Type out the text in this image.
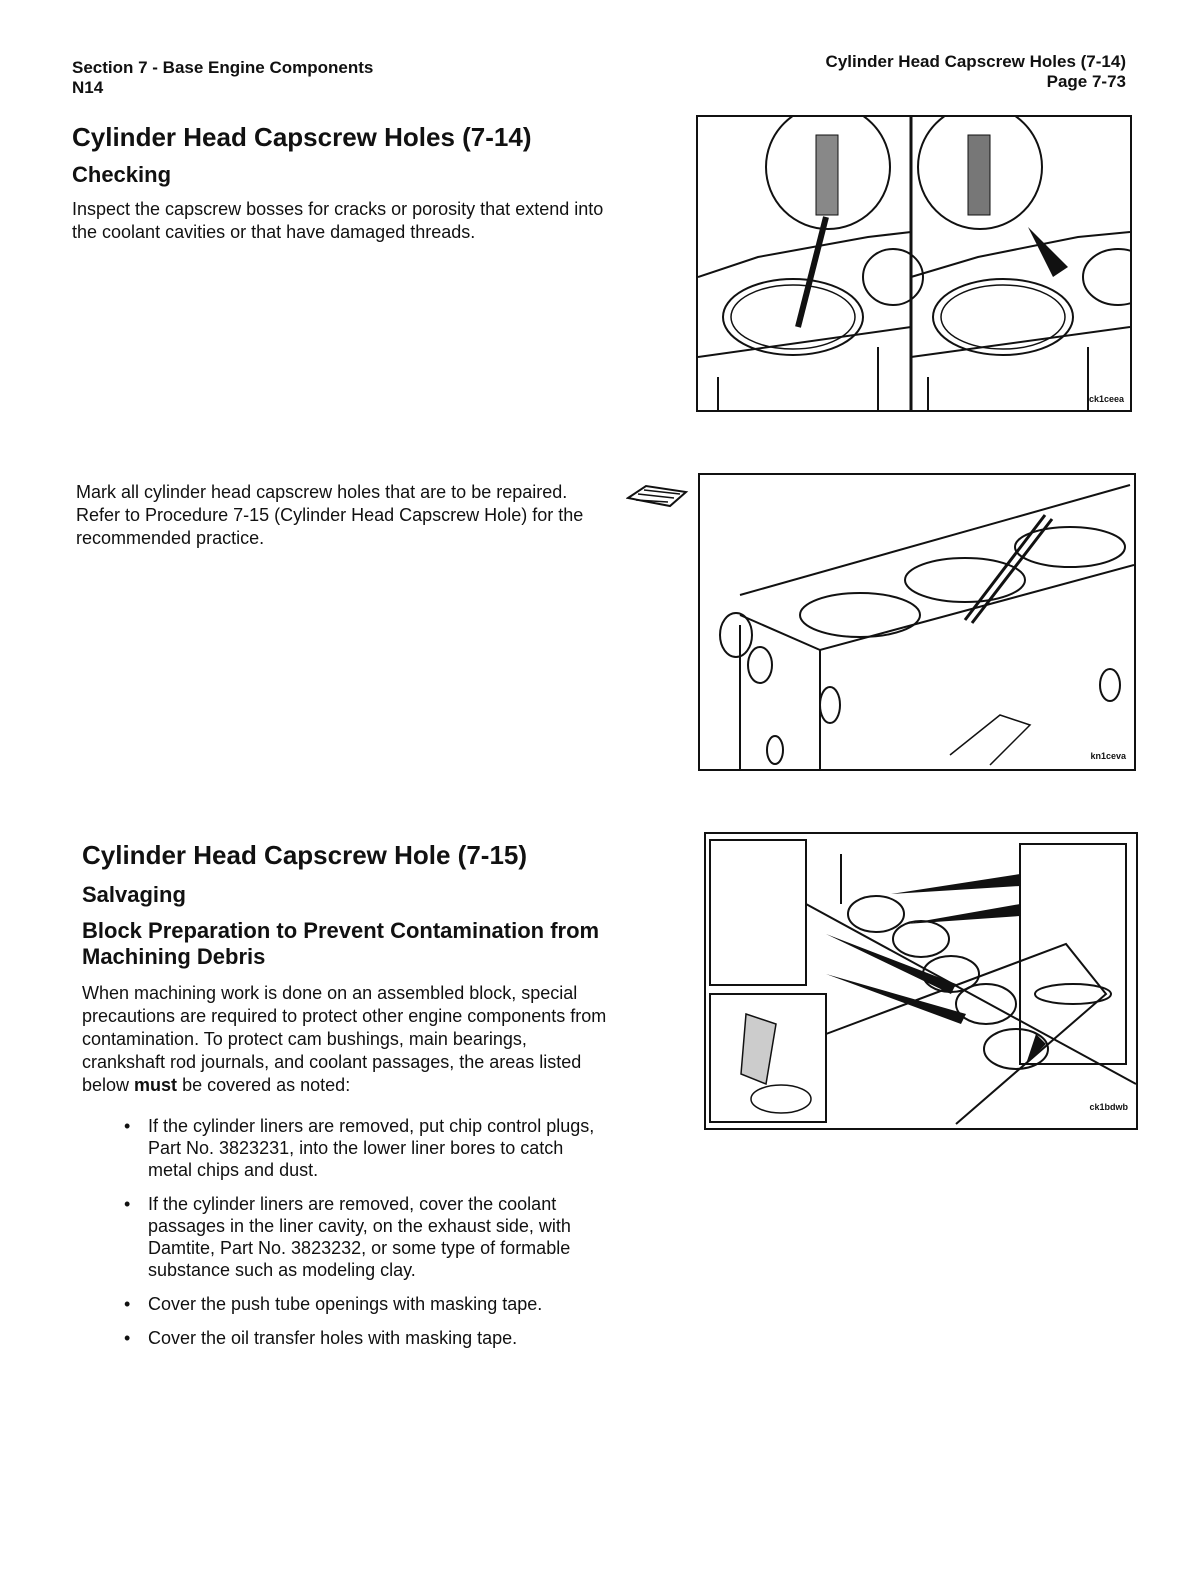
Section 7 - Base Engine Components
N14
Cylinder Head Capscrew Holes (7-14)
Page 7-73
Cylinder Head Capscrew Holes (7-14)
Checking

Inspect the capscrew bosses for cracks or porosity that extend into the coolant cavities or that have damaged threads.

ck1ceea

Mark all cylinder head capscrew holes that are to be repaired. Refer to Procedure 7-15 (Cylinder Head Capscrew Hole) for the recommended practice.

kn1ceva
Cylinder Head Capscrew Hole (7-15)
Salvaging
Block Preparation to Prevent Contamination from Machining Debris

When machining work is done on an assembled block, special precautions are required to protect other engine components from contamination. To protect cam bushings, main bearings, crankshaft rod journals, and coolant passages, the areas listed below must be covered as noted:

• If the cylinder liners are removed, put chip control plugs, Part No. 3823231, into the lower liner bores to catch metal chips and dust.
• If the cylinder liners are removed, cover the coolant passages in the liner cavity, on the exhaust side, with Damtite, Part No. 3823232, or some type of formable substance such as modeling clay.
• Cover the push tube openings with masking tape.
• Cover the oil transfer holes with masking tape.
ck1bdwb
